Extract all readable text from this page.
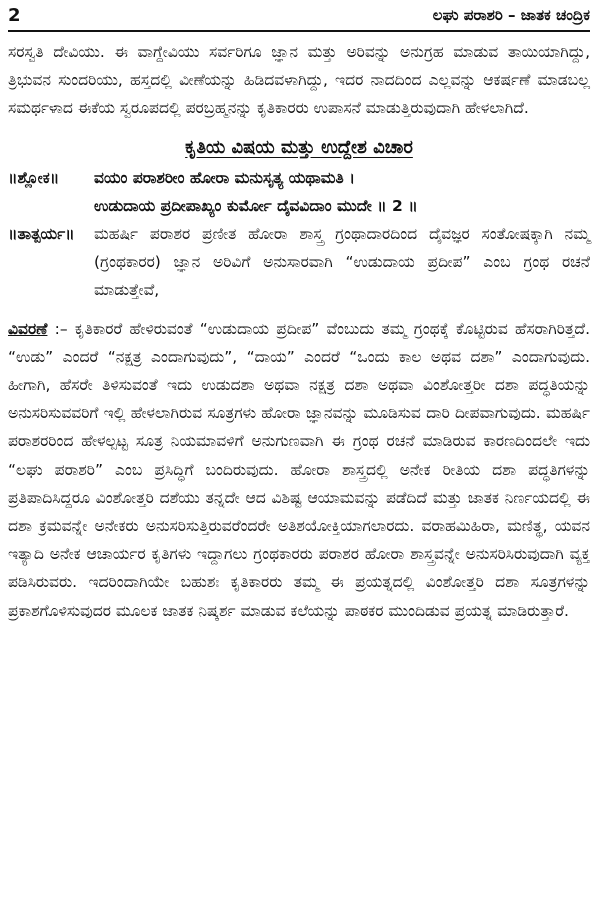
2	ಲಘು ಪರಾಶರಿ – ಜಾತಕ ಚಂದ್ರಿಕ

ಸರಸ್ವತಿ ದೇವಿಯು. ಈ ವಾಗ್ದೇವಿಯು ಸರ್ವರಿಗೂ ಜ್ಞಾನ ಮತ್ತು ಅರಿವನ್ನು ಅನುಗ್ರಹ ಮಾಡುವ ತಾಯಿಯಾಗಿದ್ದು, ತ್ರಿಭುವನ ಸುಂದರಿಯು, ಹಸ್ತದಲ್ಲಿ ವೀಣೆಯನ್ನು ಹಿಡಿದವಳಾಗಿದ್ದು, ಇದರ ನಾದದಿಂದ ಎಲ್ಲವನ್ನು ಆಕರ್ಷಣೆ ಮಾಡಬಲ್ಲ ಸಮರ್ಥಳಾದ ಈಕೆಯ ಸ್ವರೂಪದಲ್ಲಿ ಪರಬ್ರಹ್ಮನನ್ನು ಕೃತಿಕಾರರು ಉಪಾಸನೆ ಮಾಡುತ್ತಿರುವುದಾಗಿ ಹೇಳಲಾಗಿದೆ.

ಕೃತಿಯ ವಿಷಯ ಮತ್ತು ಉದ್ದೇಶ ವಿಚಾರ
॥ಶ್ಲೋಕ॥	ವಯಂ ಪರಾಶರೀಂ ಹೋರಾ ಮನುಸೃತ್ಯ ಯಥಾಮತಿ ।
ಉಡುದಾಯ ಪ್ರದೀಪಾಖ್ಯಂ ಕುರ್ಮೋ ದೈವವಿದಾಂ ಮುದೇ ॥ 2 ॥
॥ತಾತ್ಪರ್ಯ॥	ಮಹರ್ಷಿ ಪರಾಶರ ಪ್ರಣೀತ ಹೋರಾ ಶಾಸ್ತ್ರ ಗ್ರಂಥಾದಾರದಿಂದ ದೈವಜ್ಞರ ಸಂತೋಷಕ್ಕಾಗಿ ನಮ್ಮ (ಗ್ರಂಥಕಾರರ) ಜ್ಞಾನ ಅರಿವಿಗೆ ಅನುಸಾರವಾಗಿ “ಉಡುದಾಯ ಪ್ರದೀಪ” ಎಂಬ ಗ್ರಂಥ ರಚನೆ ಮಾಡುತ್ತೇವೆ,

ವಿವರಣೆ :– ಕೃತಿಕಾರರೆ ಹೇಳಿರುವಂತೆ “ಉಡುದಾಯ ಪ್ರದೀಪ” ವೆಂಬುದು ತಮ್ಮ ಗ್ರಂಥಕ್ಕೆ ಕೊಟ್ಟಿರುವ ಹೆಸರಾಗಿರಿತ್ತದೆ. “ಉಡು” ಎಂದರೆ “ನಕ್ಷತ್ರ ಎಂದಾಗುವುದು”, “ದಾಯ” ಎಂದರೆ “ಒಂದು ಕಾಲ ಅಥವ ದಶಾ” ಎಂದಾಗುವುದು. ಹೀಗಾಗಿ, ಹೆಸರೇ ತಿಳಿಸುವಂತೆ ಇದು ಉಡುದಶಾ ಅಥವಾ ನಕ್ಷತ್ರ ದಶಾ ಅಥವಾ ವಿಂಶೋತ್ತರೀ ದಶಾ ಪದ್ಧತಿಯನ್ನು ಅನುಸರಿಸುವವರಿಗೆ ಇಲ್ಲಿ ಹೇಳಲಾಗಿರುವ ಸೂತ್ರಗಳು ಹೋರಾ ಜ್ಞಾನವನ್ನು ಮೂಡಿಸುವ ದಾರಿ ದೀಪವಾಗುವುದು. ಮಹರ್ಷಿ ಪರಾಶರರಿಂದ ಹೇಳಲ್ಪಟ್ಟ ಸೂತ್ರ ನಿಯಮಾವಳಿಗೆ ಅನುಗುಣವಾಗಿ ಈ ಗ್ರಂಥ ರಚನೆ ಮಾಡಿರುವ ಕಾರಣದಿಂದಲೇ ಇದು “ಲಘು ಪರಾಶರಿ” ಎಂಬ ಪ್ರಸಿದ್ಧಿಗೆ ಬಂದಿರುವುದು. ಹೋರಾ ಶಾಸ್ತ್ರದಲ್ಲಿ ಅನೇಕ ರೀತಿಯ ದಶಾ ಪದ್ಧತಿಗಳನ್ನು ಪ್ರತಿಪಾದಿಸಿದ್ದರೂ ವಿಂಶೋತ್ತರಿ ದಶೆಯು ತನ್ನದೇ ಆದ ವಿಶಿಷ್ಟ ಆಯಾಮವನ್ನು ಪಡೆದಿದೆ ಮತ್ತು ಜಾತಕ ನಿರ್ಣಯದಲ್ಲಿ ಈ ದಶಾ ಕ್ರಮವನ್ನೇ ಅನೇಕರು ಅನುಸರಿಸುತ್ತಿರುವರೆಂದರೇ ಅತಿಶಯೋಕ್ತಿಯಾಗಲಾರದು. ವರಾಹಮಿಹಿರಾ, ಮಣಿತ್ಥ, ಯವನ ಇತ್ಯಾದಿ ಅನೇಕ ಆಚಾರ್ಯರ ಕೃತಿಗಳು ಇದ್ದಾಗಲು ಗ್ರಂಥಕಾರರು ಪರಾಶರ ಹೋರಾ ಶಾಸ್ತ್ರವನ್ನೇ ಅನುಸರಿಸಿರುವುದಾಗಿ ವ್ಯಕ್ತ ಪಡಿಸಿರುವರು. ಇದರಿಂದಾಗಿಯೇ ಬಹುಶಃ ಕೃತಿಕಾರರು ತಮ್ಮ ಈ ಪ್ರಯತ್ನದಲ್ಲಿ ವಿಂಶೋತ್ತರಿ ದಶಾ ಸೂತ್ರಗಳನ್ನು ಪ್ರಕಾಶಗೊಳಿಸುವುದರ ಮೂಲಕ ಜಾತಕ ನಿಷ್ಕರ್ಶ ಮಾಡುವ ಕಲೆಯನ್ನು ಪಾಠಕರ ಮುಂದಿಡುವ ಪ್ರಯತ್ನ ಮಾಡಿರುತ್ತಾರೆ.
